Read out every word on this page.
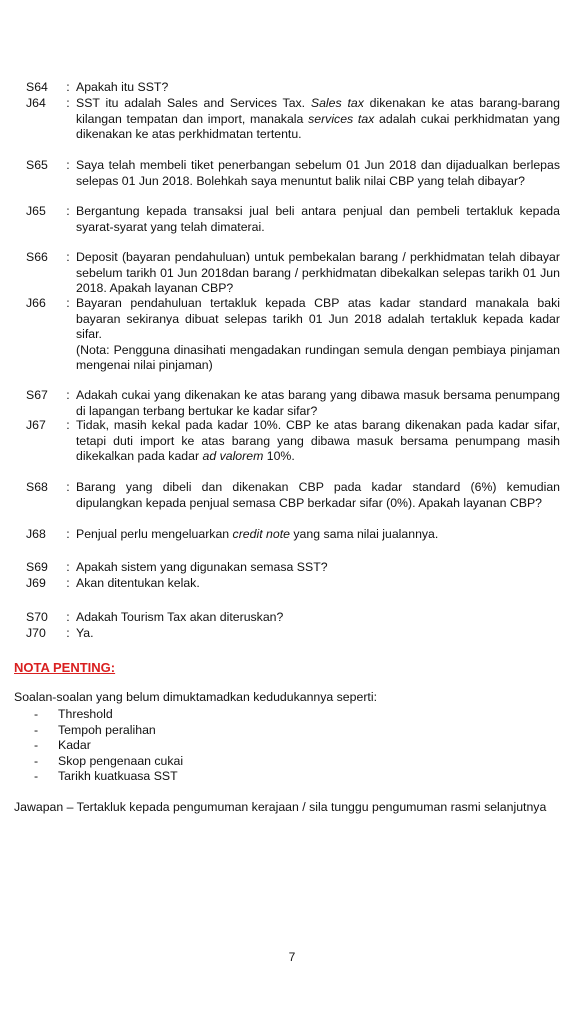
S64	: Apakah itu SST?
J64	: SST itu adalah Sales and Services Tax. Sales tax dikenakan ke atas barang-barang kilangan tempatan dan import, manakala services tax adalah cukai perkhidmatan yang dikenakan ke atas perkhidmatan tertentu.
S65	: Saya telah membeli tiket penerbangan sebelum 01 Jun 2018 dan dijadualkan berlepas selepas 01 Jun 2018. Bolehkah saya menuntut balik nilai CBP yang telah dibayar?
J65	: Bergantung kepada transaksi jual beli antara penjual dan pembeli tertakluk kepada syarat-syarat yang telah dimaterai.
S66	: Deposit (bayaran pendahuluan) untuk pembekalan barang / perkhidmatan telah dibayar sebelum tarikh 01 Jun 2018dan barang / perkhidmatan dibekalkan selepas tarikh 01 Jun 2018. Apakah layanan CBP?
J66	: Bayaran pendahuluan tertakluk kepada CBP atas kadar standard manakala baki bayaran sekiranya dibuat selepas tarikh 01 Jun 2018 adalah tertakluk kepada kadar sifar.
(Nota: Pengguna dinasihati mengadakan rundingan semula dengan pembiaya pinjaman mengenai nilai pinjaman)
S67	: Adakah cukai yang dikenakan ke atas barang yang dibawa masuk bersama penumpang di lapangan terbang bertukar ke kadar sifar?
J67	: Tidak, masih kekal pada kadar 10%. CBP ke atas barang dikenakan pada kadar sifar, tetapi duti import ke atas barang yang dibawa masuk bersama penumpang masih dikekalkan pada kadar ad valorem 10%.
S68	: Barang yang dibeli dan dikenakan CBP pada kadar standard (6%) kemudian dipulangkan kepada penjual semasa CBP berkadar sifar (0%). Apakah layanan CBP?
J68	: Penjual perlu mengeluarkan credit note yang sama nilai jualannya.
S69	: Apakah sistem yang digunakan semasa SST?
J69	: Akan ditentukan kelak.
S70	: Adakah Tourism Tax akan diteruskan?
J70	: Ya.
NOTA PENTING:
Soalan-soalan yang belum dimuktamadkan kedudukannya seperti:
-	Threshold
-	Tempoh peralihan
-	Kadar
-	Skop pengenaan cukai
-	Tarikh kuatkuasa SST
Jawapan – Tertakluk kepada pengumuman kerajaan / sila tunggu pengumuman rasmi selanjutnya
7
